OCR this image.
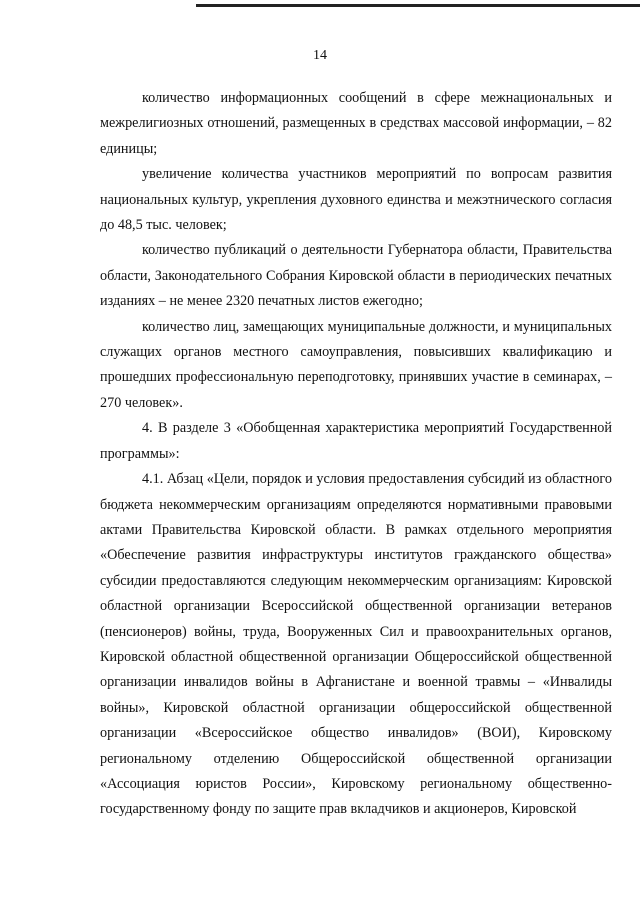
14

количество информационных сообщений в сфере межнациональных и межрелигиозных отношений, размещенных в средствах массовой информации, – 82 единицы;

увеличение количества участников мероприятий по вопросам развития национальных культур, укрепления духовного единства и межэтнического согласия до 48,5 тыс. человек;

количество публикаций о деятельности Губернатора области, Правительства области, Законодательного Собрания Кировской области в периодических печатных изданиях – не менее 2320 печатных листов ежегодно;

количество лиц, замещающих муниципальные должности, и муниципальных служащих органов местного самоуправления, повысивших квалификацию и прошедших профессиональную переподготовку, принявших участие в семинарах, – 270 человек».

4. В разделе 3 «Обобщенная характеристика мероприятий Государственной программы»:

4.1. Абзац «Цели, порядок и условия предоставления субсидий из областного бюджета некоммерческим организациям определяются нормативными правовыми актами Правительства Кировской области. В рамках отдельного мероприятия «Обеспечение развития инфраструктуры институтов гражданского общества» субсидии предоставляются следующим некоммерческим организациям: Кировской областной организации Всероссийской общественной организации ветеранов (пенсионеров) войны, труда, Вооруженных Сил и правоохранительных органов, Кировской областной общественной организации Общероссийской общественной организации инвалидов войны в Афганистане и военной травмы – «Инвалиды войны», Кировской областной организации общероссийской общественной организации «Всероссийское общество инвалидов» (ВОИ), Кировскому региональному отделению Общероссийской общественной организации «Ассоциация юристов России», Кировскому региональному общественно-государственному фонду по защите прав вкладчиков и акционеров, Кировской
